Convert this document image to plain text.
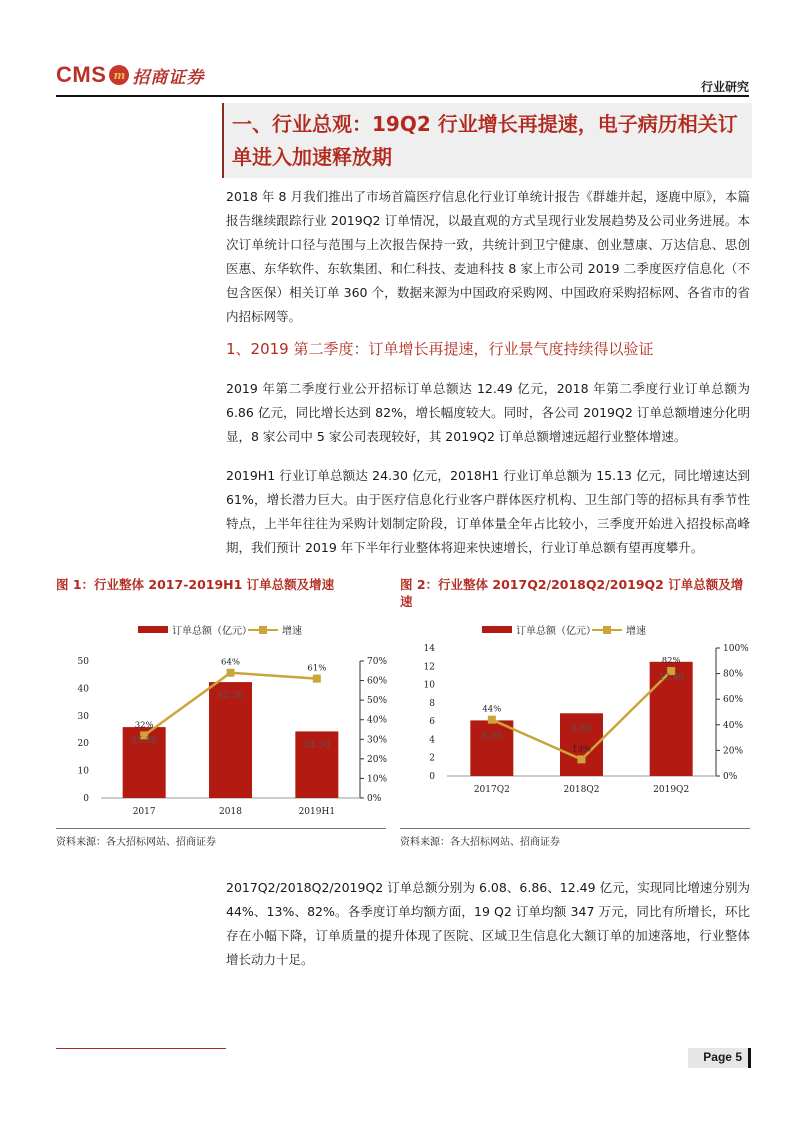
CMS m 招商证券	行业研究
一、行业总观：19Q2 行业增长再提速，电子病历相关订单进入加速释放期
2018 年 8 月我们推出了市场首篇医疗信息化行业订单统计报告《群雄并起，逐鹿中原》，本篇报告继续跟踪行业 2019Q2 订单情况，以最直观的方式呈现行业发展趋势及公司业务进展。本次订单统计口径与范围与上次报告保持一致，共统计到卫宁健康、创业慧康、万达信息、思创医惠、东华软件、东软集团、和仁科技、麦迪科技 8 家上市公司 2019 二季度医疗信息化（不包含医保）相关订单 360 个，数据来源为中国政府采购网、中国政府采购招标网、各省市的省内招标网等。
1、2019 第二季度：订单增长再提速，行业景气度持续得以验证
2019 年第二季度行业公开招标订单总额达 12.49 亿元，2018 年第二季度行业订单总额为 6.86 亿元，同比增长达到 82%，增长幅度较大。同时，各公司 2019Q2 订单总额增速分化明显，8 家公司中 5 家公司表现较好，其 2019Q2 订单总额增速远超行业整体增速。
2019H1 行业订单总额达 24.30 亿元，2018H1 行业订单总额为 15.13 亿元，同比增速达到 61%，增长潜力巨大。由于医疗信息化行业客户群体医疗机构、卫生部门等的招标具有季节性特点，上半年往往为采购计划制定阶段，订单体量全年占比较小，三季度开始进入招投标高峰期，我们预计 2019 年下半年行业整体将迎来快速增长，行业订单总额有望再度攀升。
图 1：行业整体 2017-2019H1 订单总额及增速	图 2：行业整体 2017Q2/2018Q2/2019Q2 订单总额及增速
订单总额（亿元）	增速
0
10
20
30
40
50
0%
10%
20%
30%
40%
50%
60%
70%
2017	2018	2019H1
25.88
42.30
24.30
32%
64%
61%
订单总额（亿元）	增速
0
2
4
6
8
10
12
14
0%
20%
40%
60%
80%
100%
2017Q2	2018Q2	2019Q2
6.08
6.86
12.49
44%
13%
82%
资料来源：各大招标网站、招商证券	资料来源：各大招标网站、招商证券
2017Q2/2018Q2/2019Q2 订单总额分别为 6.08、6.86、12.49 亿元，实现同比增速分别为 44%、13%、82%。各季度订单均额方面，19 Q2 订单均额 347 万元，同比有所增长，环比存在小幅下降，订单质量的提升体现了医院、区域卫生信息化大额订单的加速落地，行业整体增长动力十足。
Page 5
